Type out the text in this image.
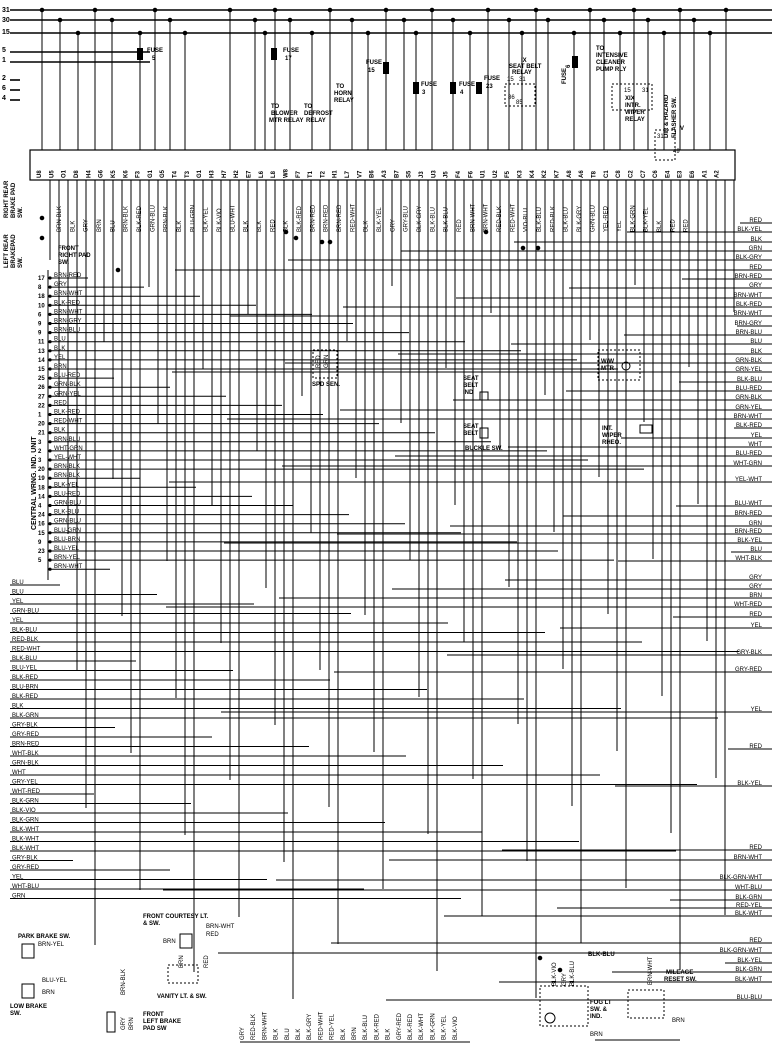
31
30
15
5
1
2
6
4
FUSE
5
FUSE
17
FUSE
15
FUSE
3
FUSE
4
FUSE
23
FUSE
6
IX
SEAT BELT
RELAY
85
86
15 31
15 31
31
49
V
TO
BLOWER
MTR RELAY
TO
DEFROST
RELAY
TO
HORN
RELAY
TO
INTENSIVE
CLEANER
PUMP RLY
XIX
INTR.
WIPER
RELAY	DIR & HAZARD FLASHER SW.
U8 U5 O1 D8 H4 G6 K5 K6 F3 G1 G5 T4 T3 G1 H3 H7 H2 E7 L6 L8 W8 F7 T1 T2 H1 L7 V7 B6 A3 B7 S5 J3 U3 J5 F4 F6 U1 U2 F5 K3 K4 K2 K7 A8 A6 T8 C1 C8 C2 C7 C6 E4 E3 E6 A1 A2
BRN-BLK BLK GRY BRN BLU BRN-BLK BLK-RED GRN-BLU BRN-BLK BLK BLU-GRN BLK-YEL BLK-VIO BLU-WHT BLK BLK RED BLK BLK-RED BRN-RED BRN-RED BRN-RED RED-WHT BLK BLK-YEL GRY GRY-BLU BLK-GRY BLK-BLU BLK-BLU RED BRN-WHT BRN-WHT RED-BLK RED-WHT VIO-BLU BLK-BLU RED-BLK BLK-BLU BLK-GRY GRN-BLU YEL-RED YEL BLK-GRN BLK-YEL BLK RED RED
RIGHT REAR BRAKE PAD SW.
LEFT REAR BRAKEPAD SW.
FRONT
RIGHT PAD
SW.
CENTRAL WRNG. IND. UNIT
17 BRN-RED
8 GRY
18 BRN-WHT
10 BLK-RED
6 BRN-WHT
9 BRN-GRY
9 BRN-BLU
11 BLU
13 BLK
14 YEL
15 BRN
25 BLU-RED
26 GRN-BLK
27 GRN-YEL
22 RED
1 BLK-RED
20 RED-WHT
21 BLK
3 BRN-BLU
2 WHT-GRN
3 YEL-WHT
20 BRN-BLK
19 BRN-BLK
18 BLK-YEL
14 BLU-RED
4 GRN-BLU
24 BLK-BLU
16 GRN-BLU
15 BLU-GRN
9 BLU-BRN
23 BLU-YEL
5 BRN-YEL
BRN-WHT
BLU
BLU
YEL
GRN-BLU
YEL
BLK-BLU
RED-BLK
RED-WHT
BLK-BLU
BLU-YEL
BLK-RED
BLU-BRN
BLK-RED
BLK
BLK-GRN
GRY-BLK
GRY-RED
BRN-RED
WHT-BLK
GRN-BLK
WHT
GRY-YEL
WHT-RED
BLK-GRN
BLK-VIO
BLK-GRN
BLK-WHT
BLK-WHT
BLK-WHT
GRY-BLK
GRY-RED
YEL
WHT-BLU
GRN
RED
BLK-YEL
BLK
GRN
BLK-GRY
RED
BRN-RED
GRY
BRN-WHT
BLK-RED
BRN-WHT
BRN-GRY
BRN-BLU
BLU
BLK
GRN-BLK
GRN-YEL
BLK-BLU
BLU-RED
GRN-BLK
GRN-YEL
BRN-WHT
BLK-RED
YEL
WHT
BLU-RED
WHT-GRN
YEL-WHT
BLU-WHT
BRN-RED
GRN
BRN-RED
BLK-YEL
BLU
WHT-BLK
GRY
GRY
BRN
WHT-RED
RED
YEL
GRY-BLK
GRY-RED
YEL
RED
BLK-YEL
RED
BRN-WHT
BLK-GRN-WHT
WHT-BLU
BLK-GRN
RED-YEL
BLK-WHT
RED
BLK-GRN-WHT
BLK-YEL
BLK-GRN
BLK-WHT
BLU-BLU
GRY RED-BLK BRN-WHT BLK BLU BLK BLK-GRY RED-WHT RED-YEL BLK BRN BLK-BLU BLK-RED BLK GRY-RED BLK-RED BLK-WHT BLK-GRN BLK-YEL BLK-VIO
RED GRN
SPD SEN.
SEAT
BELT
IND
SEAT
BELT
BUCKLE SW.
W/W
MTR
INT.
WIPER
RHEO.
PARK BRAKE SW.
BRN-YEL
BLU-YEL
BRN
LOW BRAKE
SW.
FRONT COURTESY LT.
& SW.	BRN-WHT
RED
BRN
BRN	RED
VANITY LT. & SW.
FRONT
LEFT BRAKE
PAD SW
GRY BRN
BRN-BLK	BLK-VIO GRY BLK-BLU
FOG LT
SW. &
IND.
BRN-WHT MILEAGE
RESET SW.
BRN
BRN
BLK-BLU
